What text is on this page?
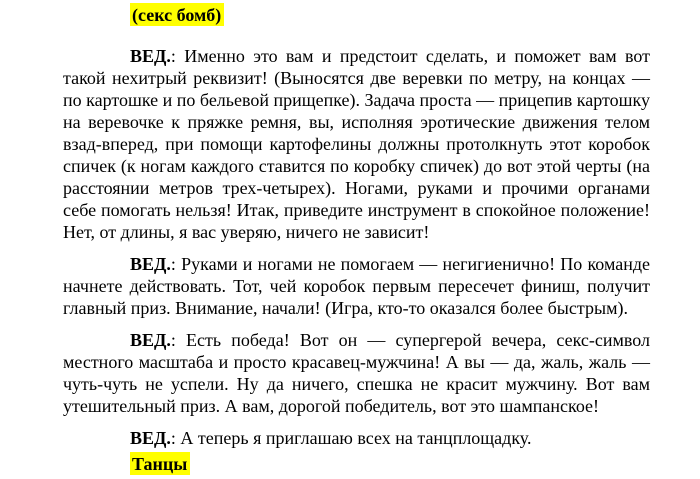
(секс бомб)

ВЕД.: Именно это вам и предстоит сделать, и поможет вам вот такой нехитрый реквизит! (Выносятся две веревки по метру, на концах — по картошке и по бельевой прищепке). Задача проста — прицепив картошку на веревочке к пряжке ремня, вы, исполняя эротические движения телом взад-вперед, при помощи картофелины должны протолкнуть этот коробок спичек (к ногам каждого ставится по коробку спичек) до вот этой черты (на расстоянии метров трех-четырех). Ногами, руками и прочими органами себе помогать нельзя! Итак, приведите инструмент в спокойное положение! Нет, от длины, я вас уверяю, ничего не зависит!

ВЕД.: Руками и ногами не помогаем — негигиенично! По команде начнете действовать. Тот, чей коробок первым пересечет финиш, получит главный приз. Внимание, начали! (Игра, кто-то оказался более быстрым).

ВЕД.: Есть победа! Вот он — супергерой вечера, секс-символ местного масштаба и просто красавец-мужчина! А вы — да, жаль, жаль — чуть-чуть не успели. Ну да ничего, спешка не красит мужчину. Вот вам утешительный приз. А вам, дорогой победитель, вот это шампанское!

ВЕД.: А теперь я приглашаю всех на танцплощадку.

Танцы
